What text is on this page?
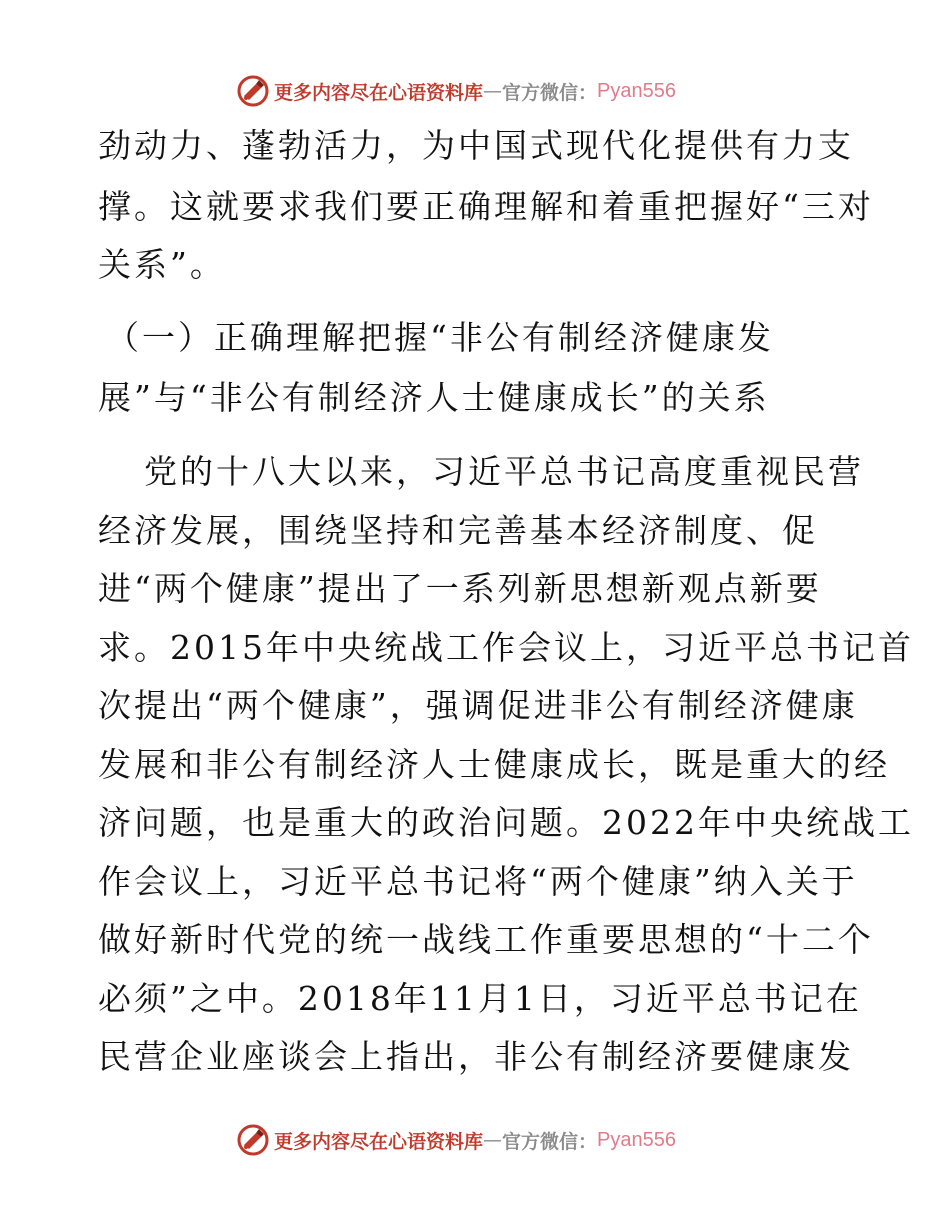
更多内容尽在心语资料库 — 官方微信： Pyan556
劲动力、蓬勃活力，为中国式现代化提供有力支
撑。这就要求我们要正确理解和着重把握好“三对
关系”。
（一）正确理解把握“非公有制经济健康发
展”与“非公有制经济人士健康成长”的关系
党的十八大以来，习近平总书记高度重视民营
经济发展，围绕坚持和完善基本经济制度、促
进“两个健康”提出了一系列新思想新观点新要
求。2015年中央统战工作会议上，习近平总书记首
次提出“两个健康”，强调促进非公有制经济健康
发展和非公有制经济人士健康成长，既是重大的经
济问题，也是重大的政治问题。2022年中央统战工
作会议上，习近平总书记将“两个健康”纳入关于
做好新时代党的统一战线工作重要思想的“十二个
必须”之中。2018年11月1日，习近平总书记在
民营企业座谈会上指出，非公有制经济要健康发
更多内容尽在心语资料库 — 官方微信： Pyan556
